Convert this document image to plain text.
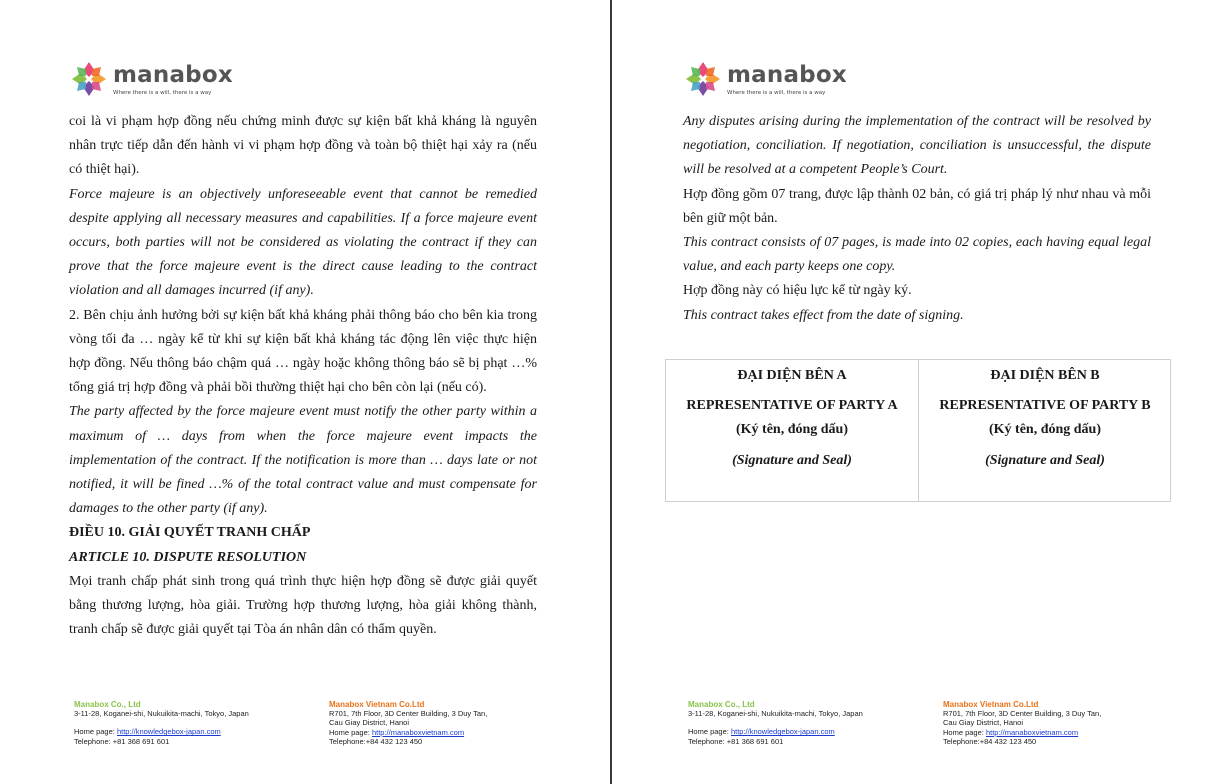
manabox
Where there is a will, there is a way

coi là vi phạm hợp đồng nếu chứng minh được sự kiện bất khả kháng là nguyên nhân trực tiếp dẫn đến hành vi vi phạm hợp đồng và toàn bộ thiệt hại xảy ra (nếu có thiệt hại).

Force majeure is an objectively unforeseeable event that cannot be remedied despite applying all necessary measures and capabilities. If a force majeure event occurs, both parties will not be considered as violating the contract if they can prove that the force majeure event is the direct cause leading to the contract violation and all damages incurred (if any).

2. Bên chịu ảnh hưởng bởi sự kiện bất khả kháng phải thông báo cho bên kia trong vòng tối đa … ngày kể từ khi sự kiện bất khả kháng tác động lên việc thực hiện hợp đồng. Nếu thông báo chậm quá … ngày hoặc không thông báo sẽ bị phạt …% tổng giá trị hợp đồng và phải bồi thường thiệt hại cho bên còn lại (nếu có).

The party affected by the force majeure event must notify the other party within a maximum of … days from when the force majeure event impacts the implementation of the contract. If the notification is more than … days late or not notified, it will be fined …% of the total contract value and must compensate for damages to the other party (if any).

ĐIỀU 10. GIẢI QUYẾT TRANH CHẤP

ARTICLE 10. DISPUTE RESOLUTION

Mọi tranh chấp phát sinh trong quá trình thực hiện hợp đồng sẽ được giải quyết bằng thương lượng, hòa giải. Trường hợp thương lượng, hòa giải không thành, tranh chấp sẽ được giải quyết tại Tòa án nhân dân có thẩm quyền.

Manabox Co., Ltd
3-11-28, Koganei-shi, Nukuikita-machi, Tokyo, Japan
Home page: http://knowledgebox-japan.com
Telephone: +81 368 691 601
Manabox Vietnam Co.Ltd
R701, 7th Floor, 3D Center Building, 3 Duy Tan,
Cau Giay District, Hanoi
Home page: http://manaboxvietnam.com
Telephone:+84 432 123 450
manabox
Where there is a will, there is a way

Any disputes arising during the implementation of the contract will be resolved by negotiation, conciliation. If negotiation, conciliation is unsuccessful, the dispute will be resolved at a competent People’s Court.

Hợp đồng gồm 07 trang, được lập thành 02 bản, có giá trị pháp lý như nhau và mỗi bên giữ một bản.

This contract consists of 07 pages, is made into 02 copies, each having equal legal value, and each party keeps one copy.

Hợp đồng này có hiệu lực kể từ ngày ký.

This contract takes effect from the date of signing.

ĐẠI DIỆN BÊN A
REPRESENTATIVE OF PARTY A
(Ký tên, đóng dấu)
(Signature and Seal)
ĐẠI DIỆN BÊN B
REPRESENTATIVE OF PARTY B
(Ký tên, đóng dấu)
(Signature and Seal)
Manabox Co., Ltd
3-11-28, Koganei-shi, Nukuikita-machi, Tokyo, Japan
Home page: http://knowledgebox-japan.com
Telephone: +81 368 691 601
Manabox Vietnam Co.Ltd
R701, 7th Floor, 3D Center Building, 3 Duy Tan,
Cau Giay District, Hanoi
Home page: http://manaboxvietnam.com
Telephone:+84 432 123 450
